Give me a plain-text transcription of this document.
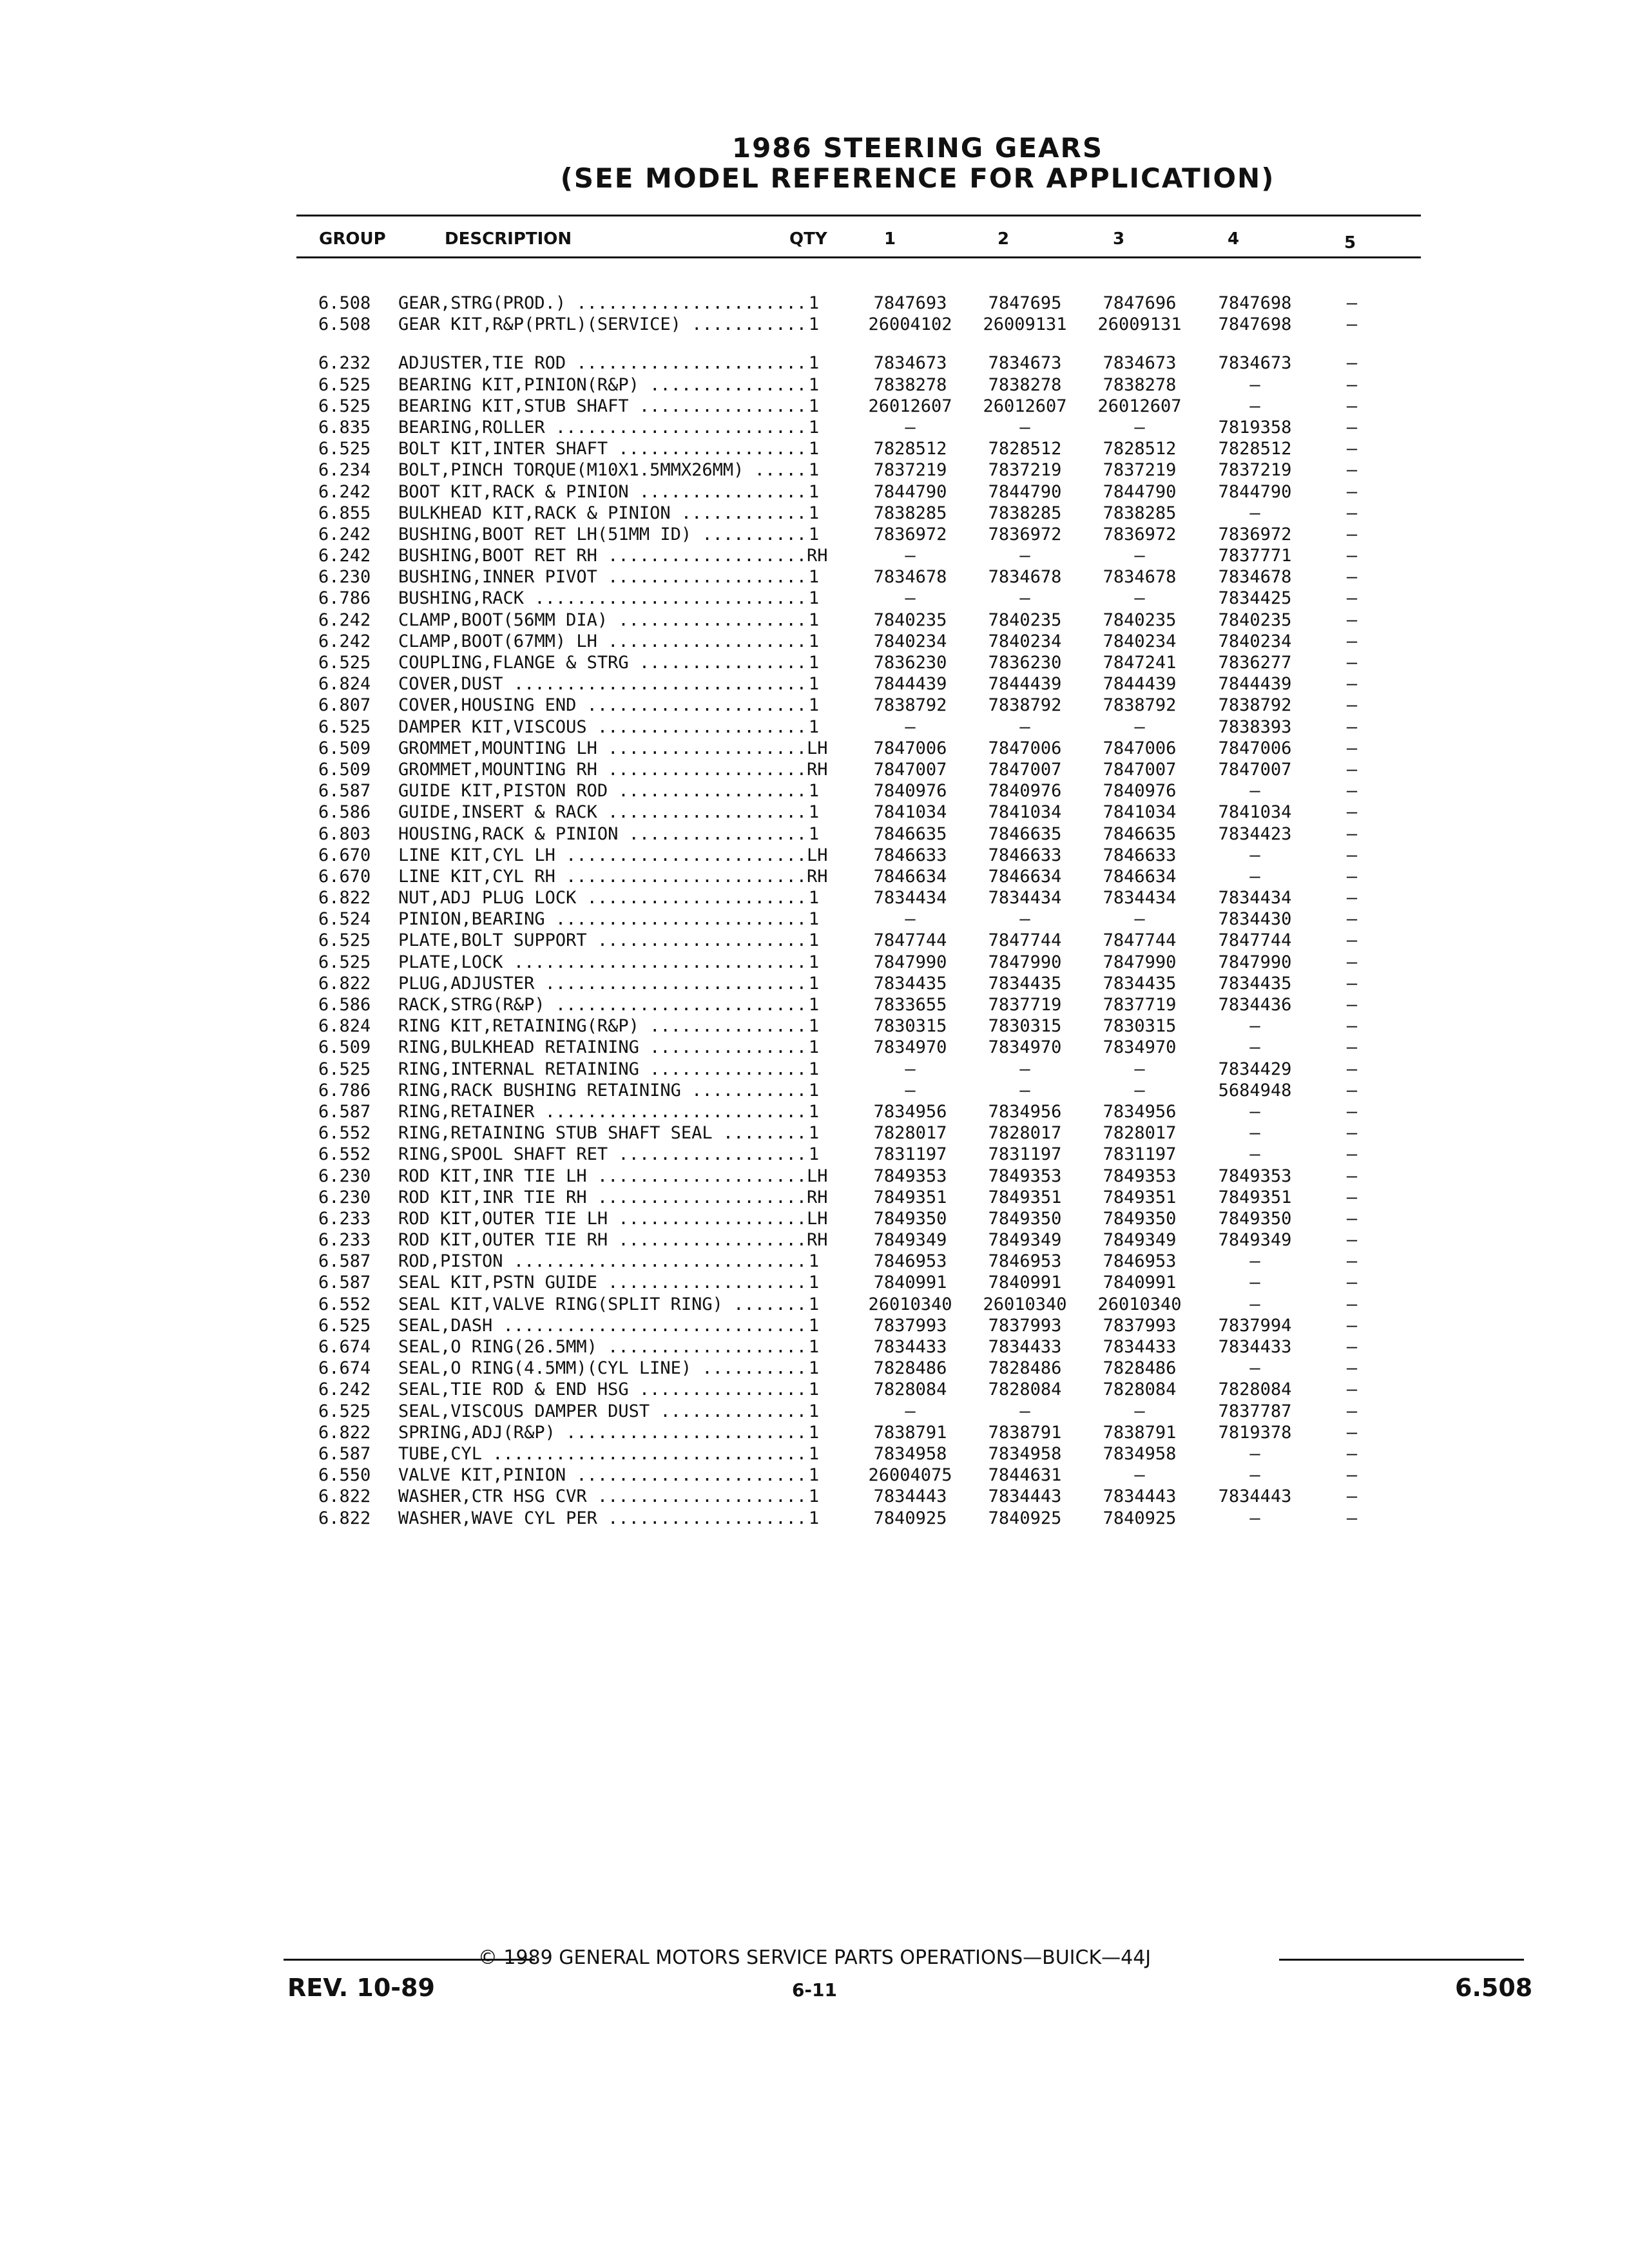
1986 STEERING GEARS
(SEE MODEL REFERENCE FOR APPLICATION)
GROUP	DESCRIPTION	QTY	1	2	3	4	5
6.508 GEAR,STRG(PROD.) ...................... 1	7847693	7847695	7847696	7847698	—
6.508 GEAR KIT,R&P(PRTL)(SERVICE) ........... 1	26004102	26009131	26009131	7847698	—
6.232 ADJUSTER,TIE ROD ...................... 1	7834673	7834673	7834673	7834673	—
6.525 BEARING KIT,PINION(R&P) ............... 1	7838278	7838278	7838278	—	—
6.525 BEARING KIT,STUB SHAFT ................ 1	26012607	26012607	26012607	—	—
6.835 BEARING,ROLLER ........................ 1	—	—	—	7819358	—
6.525 BOLT KIT,INTER SHAFT .................. 1	7828512	7828512	7828512	7828512	—
6.234 BOLT,PINCH TORQUE(M10X1.5MMX26MM) ..... 1	7837219	7837219	7837219	7837219	—
6.242 BOOT KIT,RACK & PINION ................ 1	7844790	7844790	7844790	7844790	—
6.855 BULKHEAD KIT,RACK & PINION ............ 1	7838285	7838285	7838285	—	—
6.242 BUSHING,BOOT RET LH(51MM ID) .......... 1	7836972	7836972	7836972	7836972	—
6.242 BUSHING,BOOT RET RH ................... RH	—	—	—	7837771	—
6.230 BUSHING,INNER PIVOT ................... 1	7834678	7834678	7834678	7834678	—
6.786 BUSHING,RACK .......................... 1	—	—	—	7834425	—
6.242 CLAMP,BOOT(56MM DIA) .................. 1	7840235	7840235	7840235	7840235	—
6.242 CLAMP,BOOT(67MM) LH ................... 1	7840234	7840234	7840234	7840234	—
6.525 COUPLING,FLANGE & STRG ................ 1	7836230	7836230	7847241	7836277	—
6.824 COVER,DUST ............................ 1	7844439	7844439	7844439	7844439	—
6.807 COVER,HOUSING END ..................... 1	7838792	7838792	7838792	7838792	—
6.525 DAMPER KIT,VISCOUS .................... 1	—	—	—	7838393	—
6.509 GROMMET,MOUNTING LH ................... LH	7847006	7847006	7847006	7847006	—
6.509 GROMMET,MOUNTING RH ................... RH	7847007	7847007	7847007	7847007	—
6.587 GUIDE KIT,PISTON ROD .................. 1	7840976	7840976	7840976	—	—
6.586 GUIDE,INSERT & RACK ................... 1	7841034	7841034	7841034	7841034	—
6.803 HOUSING,RACK & PINION ................. 1	7846635	7846635	7846635	7834423	—
6.670 LINE KIT,CYL LH ....................... LH	7846633	7846633	7846633	—	—
6.670 LINE KIT,CYL RH ....................... RH	7846634	7846634	7846634	—	—
6.822 NUT,ADJ PLUG LOCK ..................... 1	7834434	7834434	7834434	7834434	—
6.524 PINION,BEARING ........................ 1	—	—	—	7834430	—
6.525 PLATE,BOLT SUPPORT .................... 1	7847744	7847744	7847744	7847744	—
6.525 PLATE,LOCK ............................ 1	7847990	7847990	7847990	7847990	—
6.822 PLUG,ADJUSTER ......................... 1	7834435	7834435	7834435	7834435	—
6.586 RACK,STRG(R&P) ........................ 1	7833655	7837719	7837719	7834436	—
6.824 RING KIT,RETAINING(R&P) ............... 1	7830315	7830315	7830315	—	—
6.509 RING,BULKHEAD RETAINING ............... 1	7834970	7834970	7834970	—	—
6.525 RING,INTERNAL RETAINING ............... 1	—	—	—	7834429	—
6.786 RING,RACK BUSHING RETAINING ........... 1	—	—	—	5684948	—
6.587 RING,RETAINER ......................... 1	7834956	7834956	7834956	—	—
6.552 RING,RETAINING STUB SHAFT SEAL ........ 1	7828017	7828017	7828017	—	—
6.552 RING,SPOOL SHAFT RET .................. 1	7831197	7831197	7831197	—	—
6.230 ROD KIT,INR TIE LH .................... LH	7849353	7849353	7849353	7849353	—
6.230 ROD KIT,INR TIE RH .................... RH	7849351	7849351	7849351	7849351	—
6.233 ROD KIT,OUTER TIE LH .................. LH	7849350	7849350	7849350	7849350	—
6.233 ROD KIT,OUTER TIE RH .................. RH	7849349	7849349	7849349	7849349	—
6.587 ROD,PISTON ............................ 1	7846953	7846953	7846953	—	—
6.587 SEAL KIT,PSTN GUIDE ................... 1	7840991	7840991	7840991	—	—
6.552 SEAL KIT,VALVE RING(SPLIT RING) ....... 1	26010340	26010340	26010340	—	—
6.525 SEAL,DASH ............................. 1	7837993	7837993	7837993	7837994	—
6.674 SEAL,O RING(26.5MM) ................... 1	7834433	7834433	7834433	7834433	—
6.674 SEAL,O RING(4.5MM)(CYL LINE) .......... 1	7828486	7828486	7828486	—	—
6.242 SEAL,TIE ROD & END HSG ................ 1	7828084	7828084	7828084	7828084	—
6.525 SEAL,VISCOUS DAMPER DUST .............. 1	—	—	—	7837787	—
6.822 SPRING,ADJ(R&P) ....................... 1	7838791	7838791	7838791	7819378	—
6.587 TUBE,CYL .............................. 1	7834958	7834958	7834958	—	—
6.550 VALVE KIT,PINION ...................... 1	26004075	7844631	—	—	—
6.822 WASHER,CTR HSG CVR .................... 1	7834443	7834443	7834443	7834443	—
6.822 WASHER,WAVE CYL PER ................... 1	7840925	7840925	7840925	—	—
© 1989 GENERAL MOTORS SERVICE PARTS OPERATIONS—BUICK—44J
REV. 10-89	6-11	6.508
